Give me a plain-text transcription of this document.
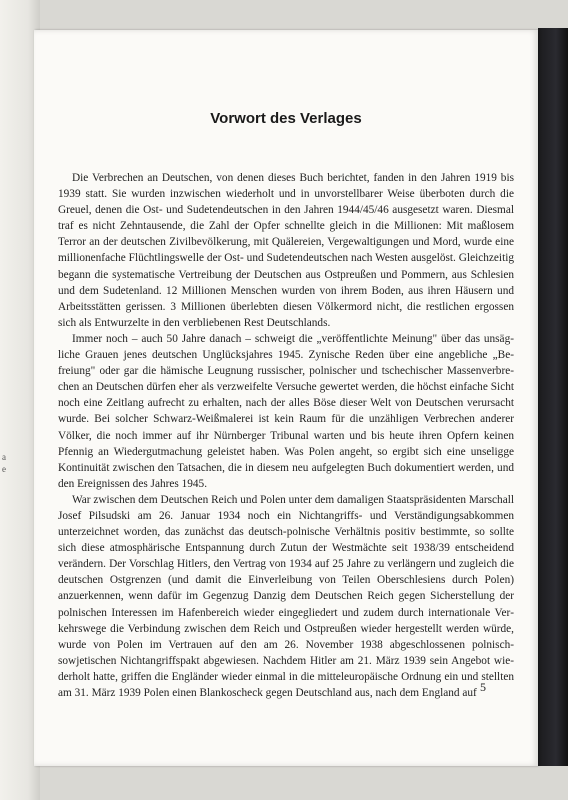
a
e
Vorwort des Verlages

Die Verbrechen an Deutschen, von denen dieses Buch berichtet, fanden in den Jahren 1919 bis 1939 statt. Sie wurden inzwischen wiederholt und in unvorstellbarer Weise überboten durch die Greuel, denen die Ost- und Sudetendeutschen in den Jahren 1944/45/46 ausgesetzt waren. Diesmal traf es nicht Zehntausende, die Zahl der Opfer schnellte gleich in die Millionen: Mit maßlosem Terror an der deutschen Zivilbevölkerung, mit Quälereien, Vergewaltigungen und Mord, wurde eine millionenfache Flüchtlingswelle der Ost- und Sudetendeutschen nach Westen ausgelöst. Gleichzeitig begann die systematische Vertreibung der Deutschen aus Ostpreußen und Pommern, aus Schlesien und dem Sudetenland. 12 Millionen Menschen wurden von ihrem Boden, aus ihren Häusern und Arbeitsstätten gerissen. 3 Millionen überlebten diesen Völkermord nicht, die restlichen ergossen sich als Entwurzelte in den verbliebenen Rest Deutschlands.

Immer noch – auch 50 Jahre danach – schweigt die „veröffentlichte Meinung" über das unsägliche Grauen jenes deutschen Unglücksjahres 1945. Zynische Reden über eine angebliche „Befreiung" oder gar die hämische Leugnung russischer, polnischer und tschechischer Massenverbrechen an Deutschen dürfen eher als verzweifelte Versuche gewertet werden, die höchst einfache Sicht noch eine Zeitlang aufrecht zu erhalten, nach der alles Böse dieser Welt von Deutschen verursacht wurde. Bei solcher Schwarz-Weißmalerei ist kein Raum für die unzähligen Verbrechen anderer Völker, die noch immer auf ihr Nürnberger Tribunal warten und bis heute ihren Opfern keinen Pfennig an Wiedergutmachung geleistet haben. Was Polen angeht, so ergibt sich eine unseligge Kontinuität zwischen den Tatsachen, die in diesem neu aufgelegten Buch dokumentiert werden, und den Ereignissen des Jahres 1945.

War zwischen dem Deutschen Reich und Polen unter dem damaligen Staatspräsidenten Marschall Josef Pilsudski am 26. Januar 1934 noch ein Nichtangriffs- und Verständigungsabkommen unterzeichnet worden, das zunächst das deutsch-polnische Verhältnis positiv bestimmte, so sollte sich diese atmosphärische Entspannung durch Zutun der Westmächte seit 1938/39 entscheidend verändern. Der Vorschlag Hitlers, den Vertrag von 1934 auf 25 Jahre zu verlängern und zugleich die deutschen Ostgrenzen (und damit die Einverleibung von Teilen Oberschlesiens durch Polen) anzuerkennen, wenn dafür im Gegenzug Danzig dem Deutschen Reich gegen Sicherstellung der polnischen Interessen im Hafenbereich wieder eingegliedert und zudem durch internationale Verkehrswege die Verbindung zwischen dem Reich und Ostpreußen wieder hergestellt werden würde, wurde von Polen im Vertrauen auf den am 26. November 1938 abgeschlossenen polnisch-sowjetischen Nichtangriffspakt abgewiesen. Nachdem Hitler am 21. März 1939 sein Angebot wiederholt hatte, griffen die Engländer wieder einmal in die mitteleuropäische Ordnung ein und stellten am 31. März 1939 Polen einen Blankoscheck gegen Deutschland aus, nach dem England auf 5
